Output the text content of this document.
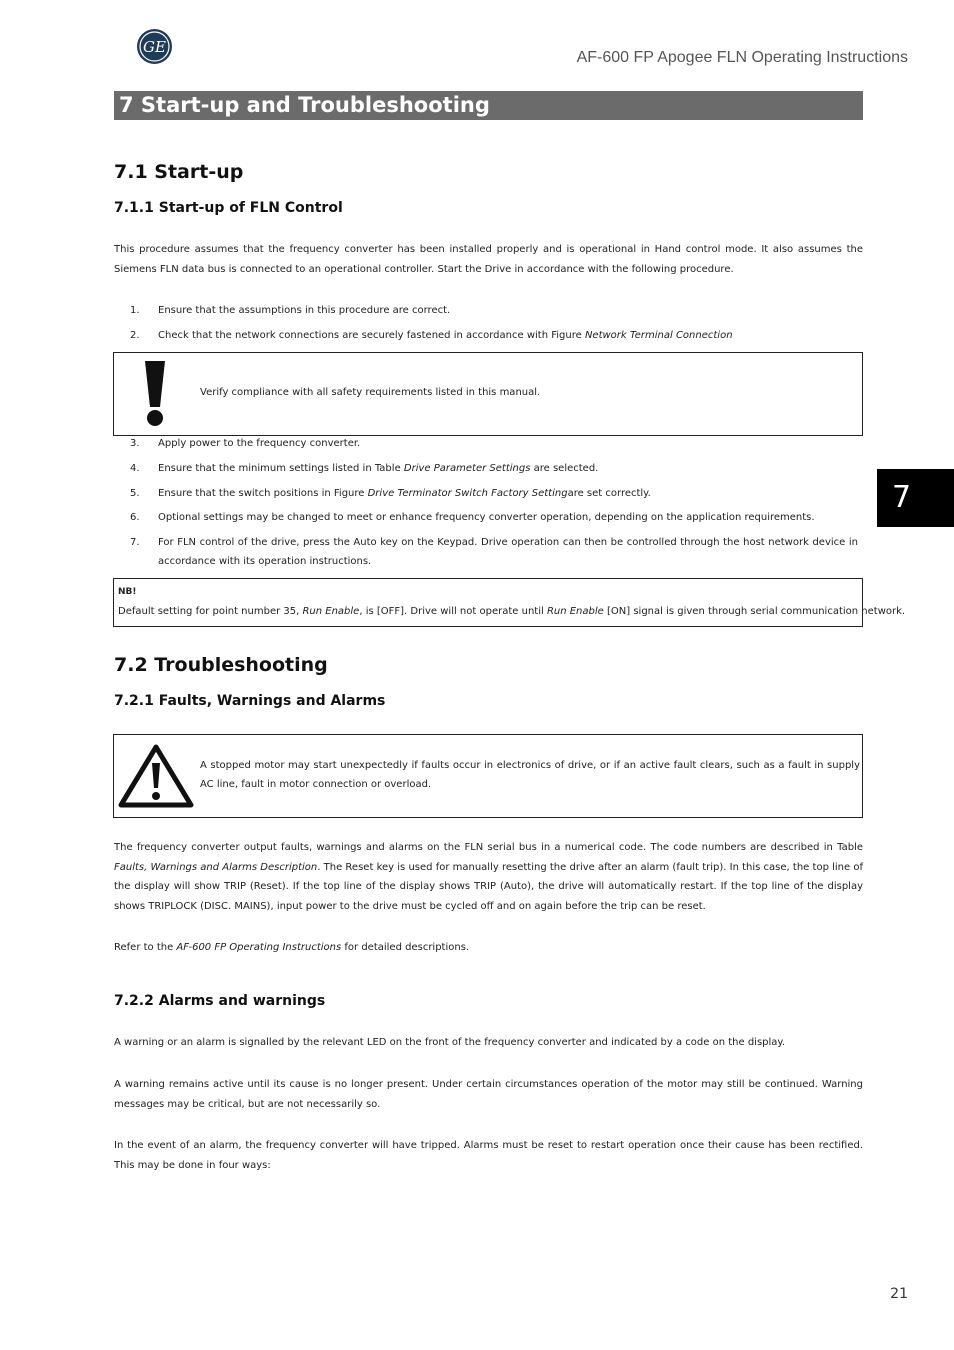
GE
AF-600 FP Apogee FLN Operating Instructions
7 Start-up and Troubleshooting
7.1 Start-up
7.1.1 Start-up of FLN Control
This procedure assumes that the frequency converter has been installed properly and is operational in Hand control mode. It also assumes the Siemens FLN data bus is connected to an operational controller. Start the Drive in accordance with the following procedure.
1. Ensure that the assumptions in this procedure are correct.
2. Check that the network connections are securely fastened in accordance with Figure Network Terminal Connection
Verify compliance with all safety requirements listed in this manual.
3. Apply power to the frequency converter.
4. Ensure that the minimum settings listed in Table Drive Parameter Settings are selected.
5. Ensure that the switch positions in Figure Drive Terminator Switch Factory Settingare set correctly.
6. Optional settings may be changed to meet or enhance frequency converter operation, depending on the application requirements.
7. For FLN control of the drive, press the Auto key on the Keypad. Drive operation can then be controlled through the host network device in accordance with its operation instructions.
NB!
Default setting for point number 35, Run Enable, is [OFF]. Drive will not operate until Run Enable [ON] signal is given through serial communication network.
7.2 Troubleshooting
7.2.1 Faults, Warnings and Alarms
A stopped motor may start unexpectedly if faults occur in electronics of drive, or if an active fault clears, such as a fault in supply AC line, fault in motor connection or overload.
The frequency converter output faults, warnings and alarms on the FLN serial bus in a numerical code. The code numbers are described in Table Faults, Warnings and Alarms Description. The Reset key is used for manually resetting the drive after an alarm (fault trip). In this case, the top line of the display will show TRIP (Reset). If the top line of the display shows TRIP (Auto), the drive will automatically restart. If the top line of the display shows TRIPLOCK (DISC. MAINS), input power to the drive must be cycled off and on again before the trip can be reset.
Refer to the AF-600 FP Operating Instructions for detailed descriptions.
7.2.2 Alarms and warnings
A warning or an alarm is signalled by the relevant LED on the front of the frequency converter and indicated by a code on the display.
A warning remains active until its cause is no longer present. Under certain circumstances operation of the motor may still be continued. Warning messages may be critical, but are not necessarily so.
In the event of an alarm, the frequency converter will have tripped. Alarms must be reset to restart operation once their cause has been rectified. This may be done in four ways:
7
21
